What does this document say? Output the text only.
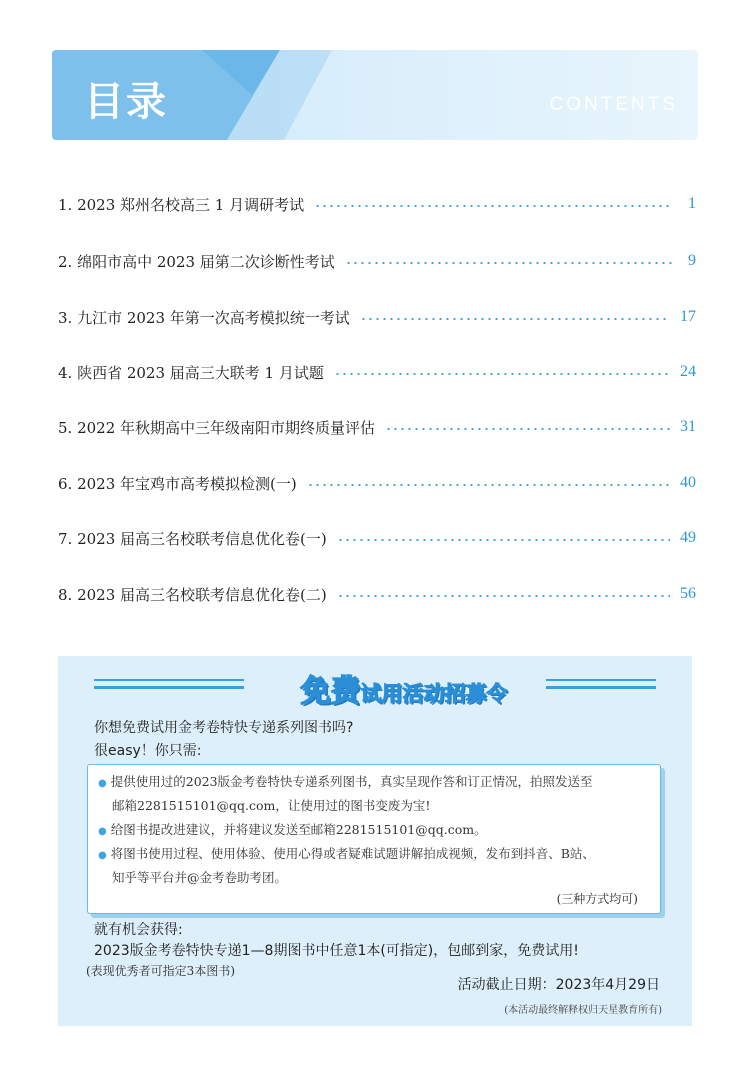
目录	CONTENTS
1. 2023 郑州名校高三 1 月调研考试	1
2. 绵阳市高中 2023 届第二次诊断性考试	9
3. 九江市 2023 年第一次高考模拟统一考试	17
4. 陕西省 2023 届高三大联考 1 月试题	24
5. 2022 年秋期高中三年级南阳市期终质量评估	31
6. 2023 年宝鸡市高考模拟检测(一)	40
7. 2023 届高三名校联考信息优化卷(一)	49
8. 2023 届高三名校联考信息优化卷(二)	56
免费试用活动招募令
你想免费试用金考卷特快专递系列图书吗?
很easy！你只需:
● 提供使用过的2023版金考卷特快专递系列图书，真实呈现作答和订正情况，拍照发送至
邮箱2281515101@qq.com，让使用过的图书变废为宝!
● 给图书提改进建议，并将建议发送至邮箱2281515101@qq.com。
● 将图书使用过程、使用体验、使用心得或者疑难试题讲解拍成视频，发布到抖音、B站、
知乎等平台并@金考卷助考团。
(三种方式均可)
就有机会获得:
2023版金考卷特快专递1—8期图书中任意1本(可指定)，包邮到家，免费试用!
(表现优秀者可指定3本图书)
活动截止日期：2023年4月29日
(本活动最终解释权归天星教育所有)
